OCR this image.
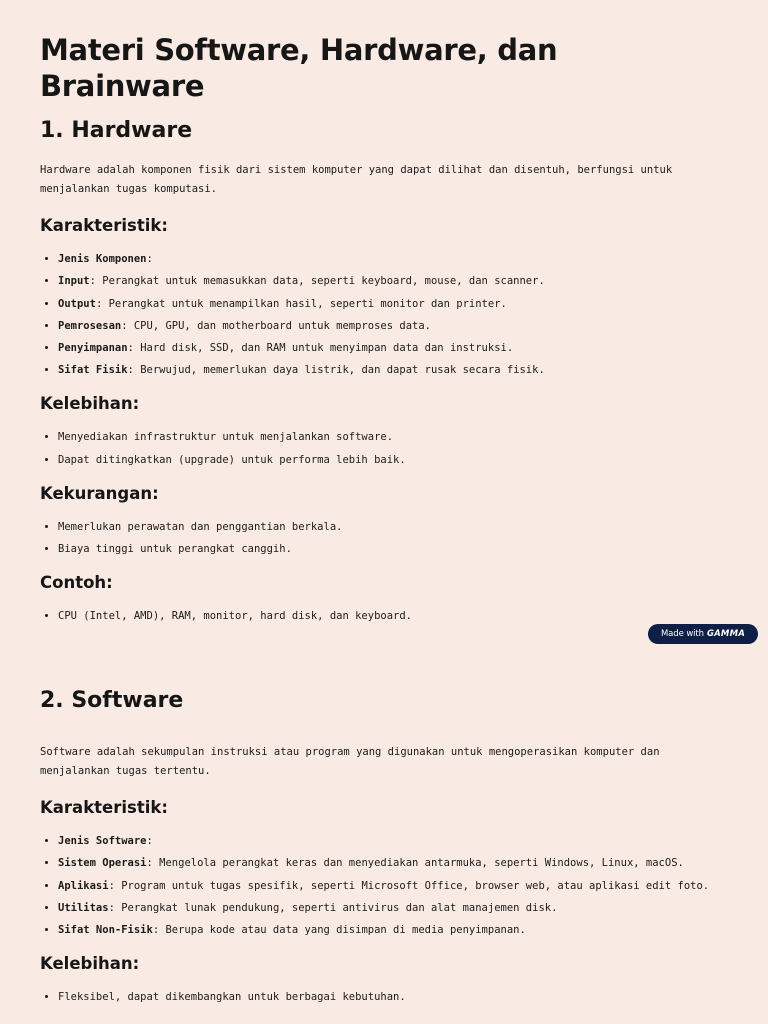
Materi Software, Hardware, dan Brainware
1. Hardware

Hardware adalah komponen fisik dari sistem komputer yang dapat dilihat dan disentuh, berfungsi untuk menjalankan tugas komputasi.

Karakteristik:
• Jenis Komponen:
• Input: Perangkat untuk memasukkan data, seperti keyboard, mouse, dan scanner.
• Output: Perangkat untuk menampilkan hasil, seperti monitor dan printer.
• Pemrosesan: CPU, GPU, dan motherboard untuk memproses data.
• Penyimpanan: Hard disk, SSD, dan RAM untuk menyimpan data dan instruksi.
• Sifat Fisik: Berwujud, memerlukan daya listrik, dan dapat rusak secara fisik.
Kelebihan:
• Menyediakan infrastruktur untuk menjalankan software.
• Dapat ditingkatkan (upgrade) untuk performa lebih baik.
Kekurangan:
• Memerlukan perawatan dan penggantian berkala.
• Biaya tinggi untuk perangkat canggih.
Contoh:
• CPU (Intel, AMD), RAM, monitor, hard disk, dan keyboard.
Made with GAMMA
2. Software

Software adalah sekumpulan instruksi atau program yang digunakan untuk mengoperasikan komputer dan menjalankan tugas tertentu.

Karakteristik:
• Jenis Software:
• Sistem Operasi: Mengelola perangkat keras dan menyediakan antarmuka, seperti Windows, Linux, macOS.
• Aplikasi: Program untuk tugas spesifik, seperti Microsoft Office, browser web, atau aplikasi edit foto.
• Utilitas: Perangkat lunak pendukung, seperti antivirus dan alat manajemen disk.
• Sifat Non-Fisik: Berupa kode atau data yang disimpan di media penyimpanan.
Kelebihan:
• Fleksibel, dapat dikembangkan untuk berbagai kebutuhan.
